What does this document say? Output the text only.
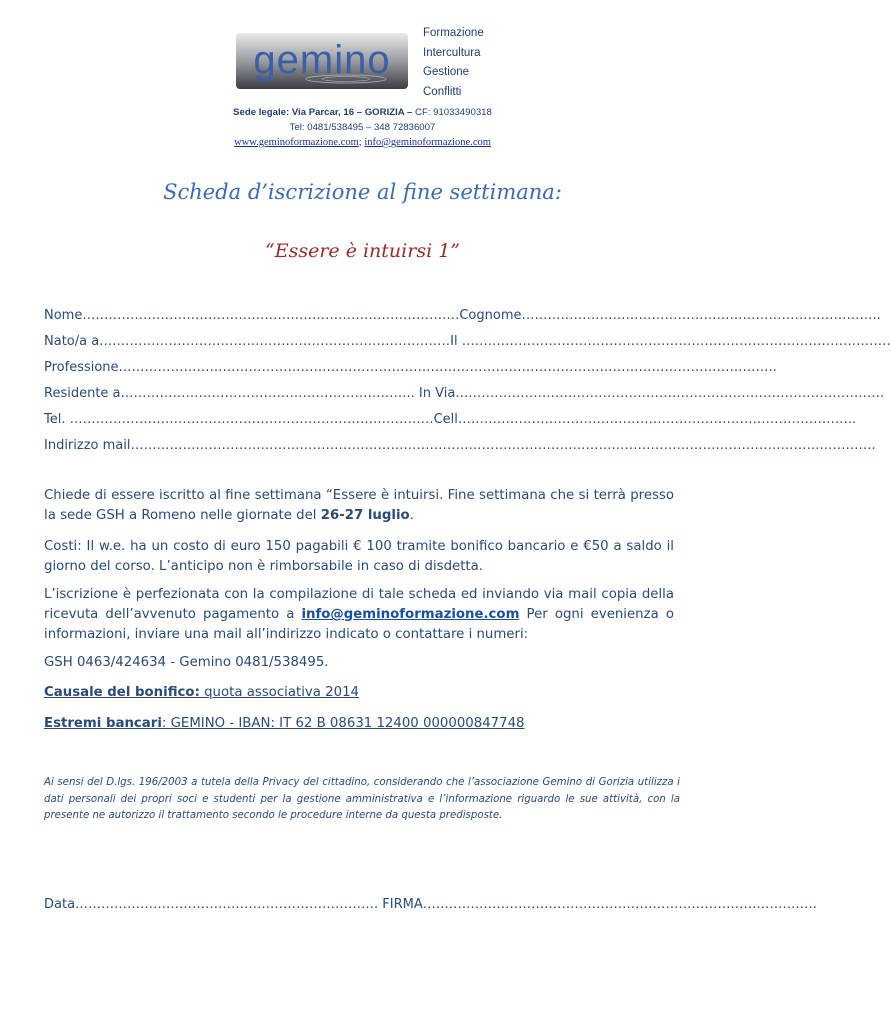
gemino
Formazione
Intercultura
Gestione
Conflitti
Sede legale: Via Parcar, 16 – GORIZIA – CF: 91033490318
Tel: 0481/538495 – 348 72836007
www.geminoformazione.com; info@geminoformazione.com
Scheda d’iscrizione al fine settimana:
“Essere è intuirsi 1”
Nome……………………………………………………………………………Cognome………………………………………………………………………..
Nato/a a………………………………………………………………………Il ………………………………………………………………………………………
Professione……………………………………………………………………………………………………………………………………..
Residente a………………………………………………………….. In Via………………………………………………………………………………………
Tel. …………………………………………………………………………Cell………………………………………………………………………………..
Indirizzo mail……………………………………………………………………………………………………………………………………………………….
Chiede di essere iscritto al fine settimana “Essere è intuirsi. Fine settimana che si terrà presso la sede GSH a Romeno nelle giornate del 26-27 luglio.
Costi: Il w.e. ha un costo di euro 150 pagabili € 100 tramite bonifico bancario e €50 a saldo il giorno del corso. L’anticipo non è rimborsabile in caso di disdetta.
L’iscrizione è perfezionata con la compilazione di tale scheda ed inviando via mail copia della ricevuta dell’avvenuto pagamento a info@geminoformazione.com Per ogni evenienza o informazioni, inviare una mail all’indirizzo indicato o contattare i numeri:
GSH 0463/424634 - Gemino 0481/538495.
Causale del bonifico: quota associativa 2014
Estremi bancari: GEMINO - IBAN: IT 62 B 08631 12400 000000847748
Ai sensi del D.lgs. 196/2003 a tutela della Privacy del cittadino, considerando che l’associazione Gemino di Gorizia utilizza i dati personali dei propri soci e studenti per la gestione amministrativa e l’informazione riguardo le sue attività, con la presente ne autorizzo il trattamento secondo le procedure interne da questa predisposte.
Data……………………………………………………………. FIRMA……………………………………………………………………………….
